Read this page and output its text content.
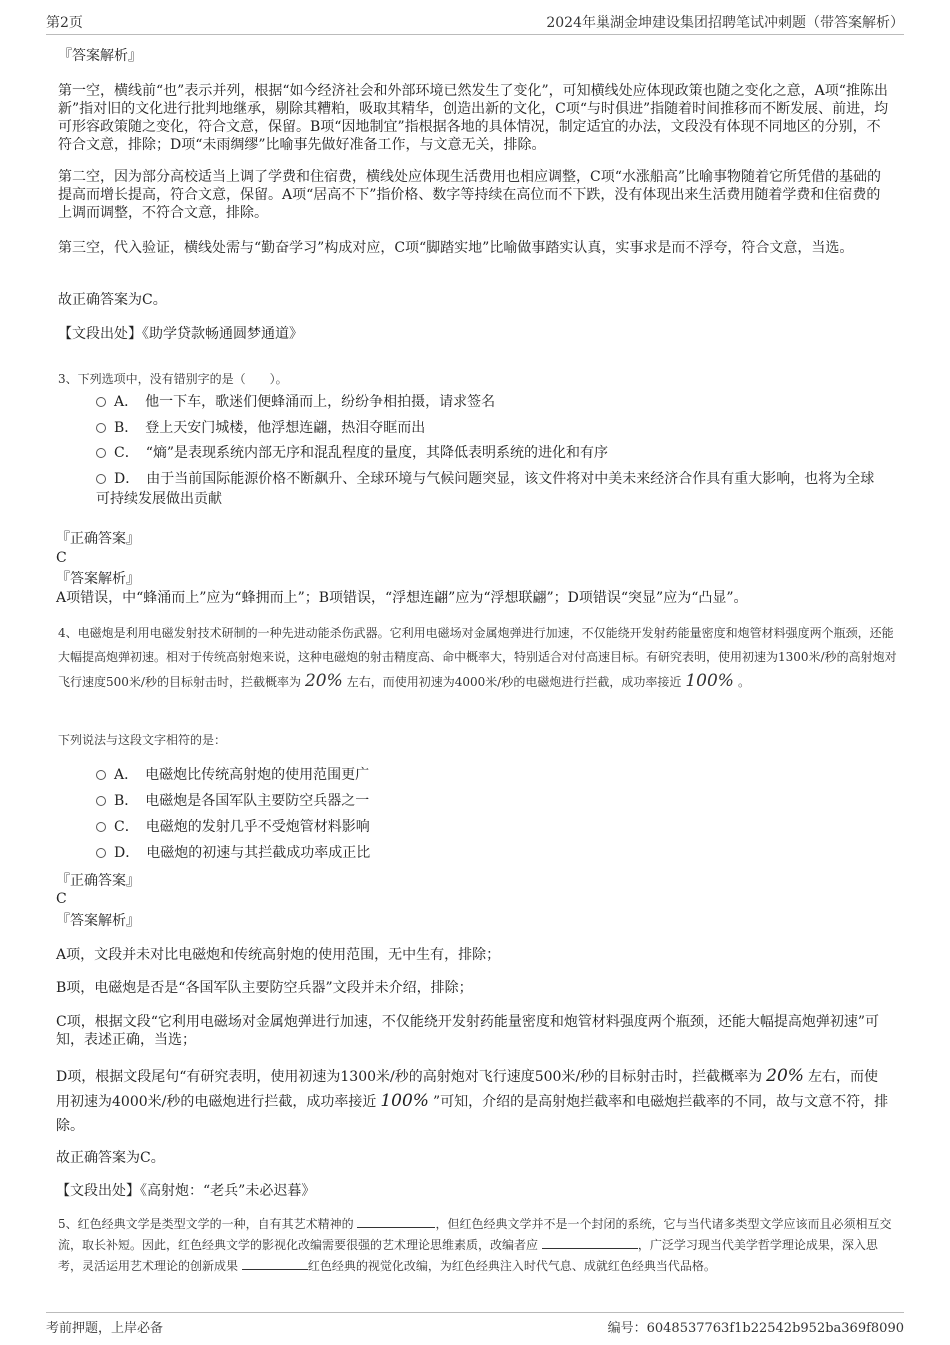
第2页	2024年巢湖金坤建设集团招聘笔试冲刺题（带答案解析）
『答案解析』
第一空，横线前“也”表示并列，根据“如今经济社会和外部环境已然发生了变化”，可知横线处应体现政策也随之变化之意，A项“推陈出新”指对旧的文化进行批判地继承，剔除其糟粕，吸取其精华，创造出新的文化，C项“与时俱进”指随着时间推移而不断发展、前进，均可形容政策随之变化，符合文意，保留。B项“因地制宜”指根据各地的具体情况，制定适宜的办法，文段没有体现不同地区的分别，不符合文意，排除；D项“未雨绸缪”比喻事先做好准备工作，与文意无关，排除。
第二空，因为部分高校适当上调了学费和住宿费，横线处应体现生活费用也相应调整，C项“水涨船高”比喻事物随着它所凭借的基础的提高而增长提高，符合文意，保留。A项“居高不下”指价格、数字等持续在高位而不下跌，没有体现出来生活费用随着学费和住宿费的上调而调整，不符合文意，排除。
第三空，代入验证，横线处需与“勤奋学习”构成对应，C项“脚踏实地”比喻做事踏实认真，实事求是而不浮夸，符合文意，当选。
故正确答案为C。
【文段出处】《助学贷款畅通圆梦通道》
3、下列选项中，没有错别字的是（　　）。
A．　他一下车，歌迷们便蜂涌而上，纷纷争相拍摄，请求签名
B．　登上天安门城楼，他浮想连翩，热泪夺眶而出
C．　“熵”是表现系统内部无序和混乱程度的量度，其降低表明系统的进化和有序
D．　由于当前国际能源价格不断飙升、全球环境与气候问题突显，该文件将对中美未来经济合作具有重大影响，也将为全球可持续发展做出贡献
『正确答案』
C
『答案解析』
A项错误，中“蜂涌而上”应为“蜂拥而上”；B项错误，“浮想连翩”应为“浮想联翩”；D项错误“突显”应为“凸显”。
4、电磁炮是利用电磁发射技术研制的一种先进动能杀伤武器。它利用电磁场对金属炮弹进行加速，不仅能绕开发射药能量密度和炮管材料强度两个瓶颈，还能大幅提高炮弹初速。相对于传统高射炮来说，这种电磁炮的射击精度高、命中概率大，特别适合对付高速目标。有研究表明，使用初速为1300米/秒的高射炮对飞行速度500米/秒的目标射击时，拦截概率为 20% 左右，而使用初速为4000米/秒的电磁炮进行拦截，成功率接近 100% 。
下列说法与这段文字相符的是：
A．　电磁炮比传统高射炮的使用范围更广
B．　电磁炮是各国军队主要防空兵器之一
C．　电磁炮的发射几乎不受炮管材料影响
D．　电磁炮的初速与其拦截成功率成正比
『正确答案』
C
『答案解析』
A项，文段并未对比电磁炮和传统高射炮的使用范围，无中生有，排除；
B项，电磁炮是否是“各国军队主要防空兵器”文段并未介绍，排除；
C项，根据文段“它利用电磁场对金属炮弹进行加速，不仅能绕开发射药能量密度和炮管材料强度两个瓶颈，还能大幅提高炮弹初速”可知，表述正确，当选；
D项，根据文段尾句“有研究表明，使用初速为1300米/秒的高射炮对飞行速度500米/秒的目标射击时，拦截概率为 20% 左右，而使用初速为4000米/秒的电磁炮进行拦截，成功率接近 100% ”可知，介绍的是高射炮拦截率和电磁炮拦截率的不同，故与文意不符，排除。
故正确答案为C。
【文段出处】《高射炮：“老兵”未必迟暮》
5、红色经典文学是类型文学的一种，自有其艺术精神的	，但红色经典文学并不是一个封闭的系统，它与当代诸多类型文学应该而且必须相互交流，取长补短。因此，红色经典文学的影视化改编需要很强的艺术理论思维素质，改编者应	，广泛学习现当代美学哲学理论成果，深入思考，灵活运用艺术理论的创新成果	红色经典的视觉化改编，为红色经典注入时代气息、成就红色经典当代品格。
考前押题，上岸必备	编号：6048537763f1b22542b952ba369f8090
